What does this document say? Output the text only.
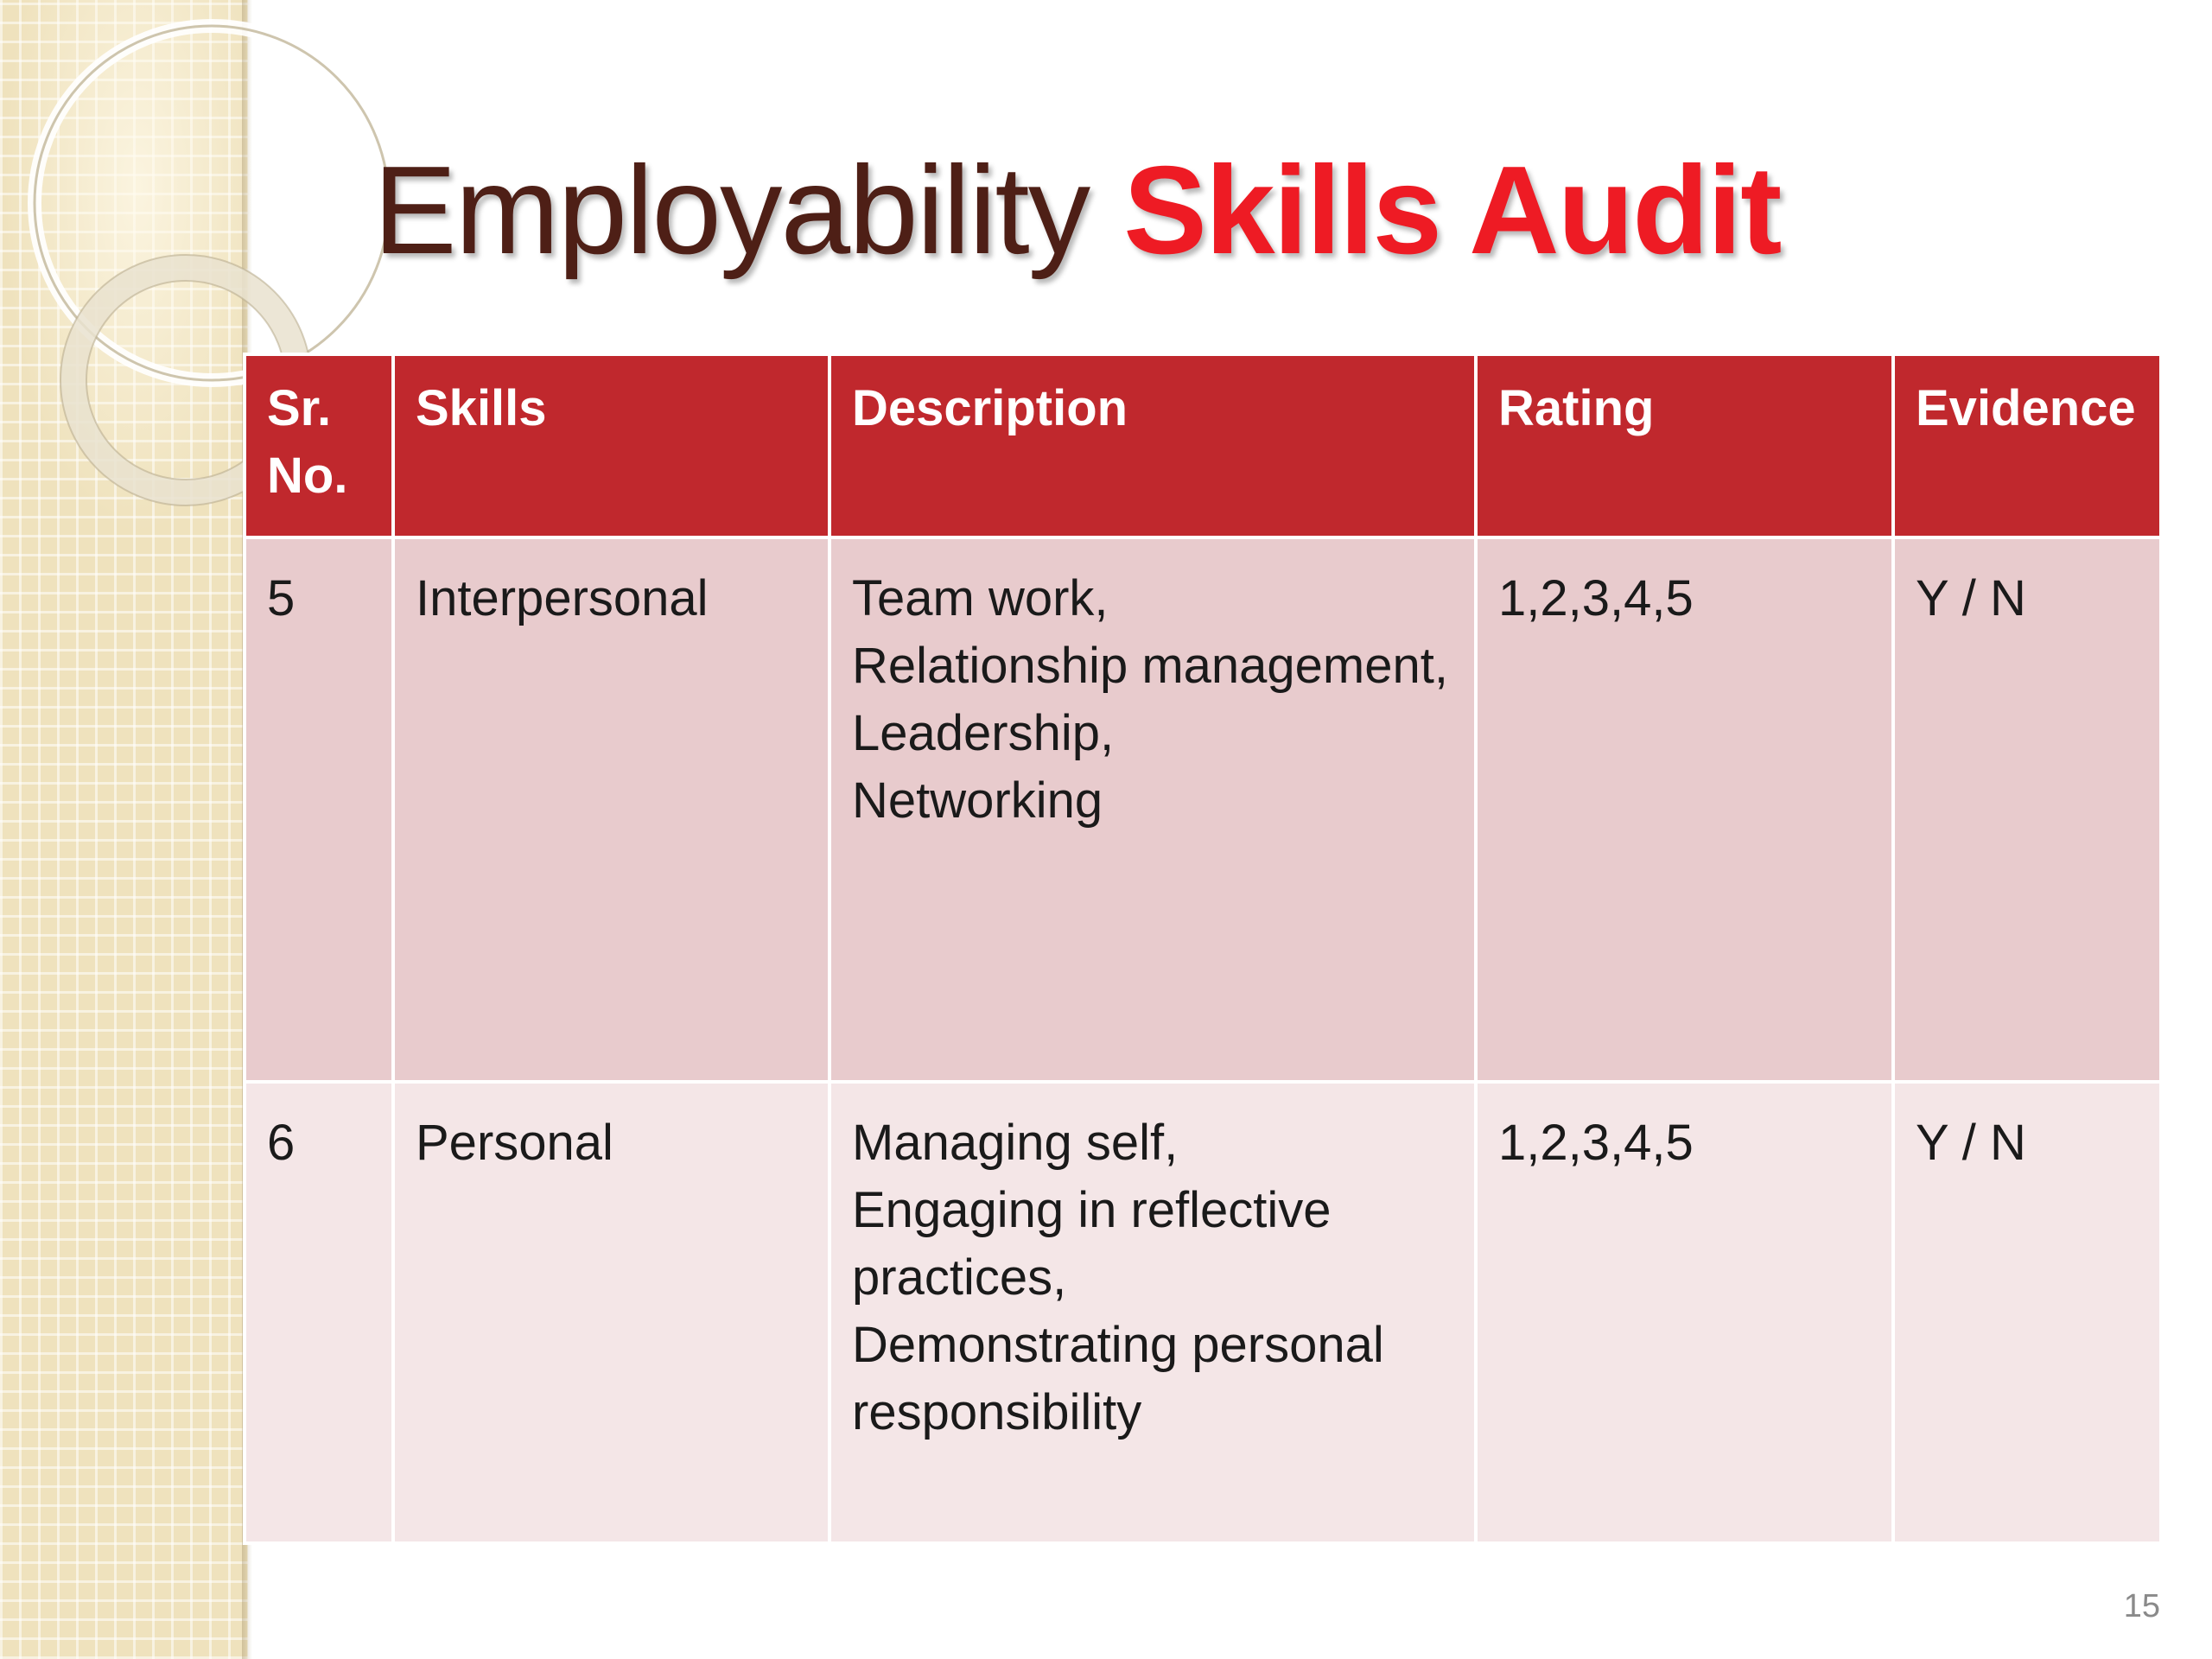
Employability Skills Audit
Sr. No.	Skills	Description	Rating	Evidence
5	Interpersonal	Team work,
Relationship management,
Leadership,
Networking	1,2,3,4,5	Y / N
6	Personal	Managing self,
Engaging in reflective practices,
Demonstrating personal responsibility	1,2,3,4,5	Y / N
15
